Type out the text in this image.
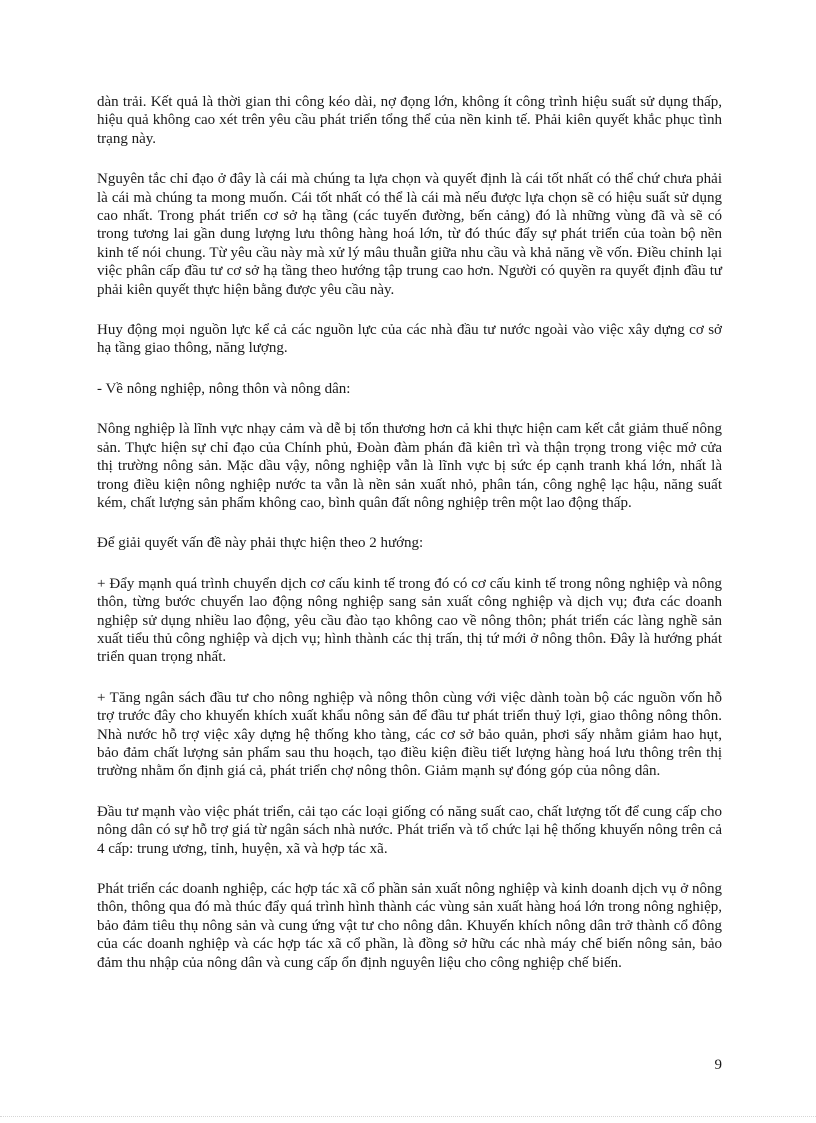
dàn trải. Kết quả là thời gian thi công kéo dài, nợ đọng lớn, không ít công trình hiệu suất sử dụng thấp, hiệu quả không cao xét trên yêu cầu phát triển tổng thể của nền kinh tế. Phải kiên quyết khắc phục tình trạng này.

Nguyên tắc chỉ đạo ở đây là cái mà chúng ta lựa chọn và quyết định là cái tốt nhất có thể chứ chưa phải là cái mà chúng ta mong muốn. Cái tốt nhất có thể là cái mà nếu được lựa chọn sẽ có hiệu suất sử dụng cao nhất. Trong phát triển cơ sở hạ tầng (các tuyến đường, bến cảng) đó là những vùng đã và sẽ có trong tương lai gần dung lượng lưu thông hàng hoá lớn, từ đó thúc đẩy sự phát triển của toàn bộ nền kinh tế nói chung. Từ yêu cầu này mà xử lý mâu thuẫn giữa nhu cầu và khả năng về vốn. Điều chỉnh lại việc phân cấp đầu tư cơ sở hạ tầng theo hướng tập trung cao hơn. Người có quyền ra quyết định đầu tư phải kiên quyết thực hiện bằng được yêu cầu này.

Huy động mọi nguồn lực kể cả các nguồn lực của các nhà đầu tư nước ngoài vào việc xây dựng cơ sở hạ tầng giao thông, năng lượng.

- Về nông nghiệp, nông thôn và nông dân:

Nông nghiệp là lĩnh vực nhạy cảm và dễ bị tổn thương hơn cả khi thực hiện cam kết cắt giảm thuế nông sản. Thực hiện sự chỉ đạo của Chính phủ, Đoàn đàm phán đã kiên trì và thận trọng trong việc mở cửa thị trường nông sản. Mặc dầu vậy, nông nghiệp vẫn là lĩnh vực bị sức ép cạnh tranh khá lớn, nhất là trong điều kiện nông nghiệp nước ta vẫn là nền sản xuất nhỏ, phân tán, công nghệ lạc hậu, năng suất kém, chất lượng sản phẩm không cao, bình quân đất nông nghiệp trên một lao động thấp.

Để giải quyết vấn đề này phải thực hiện theo 2 hướng:

+ Đẩy mạnh quá trình chuyển dịch cơ cấu kinh tế trong đó có cơ cấu kinh tế trong nông nghiệp và nông thôn, từng bước chuyển lao động nông nghiệp sang sản xuất công nghiệp và dịch vụ; đưa các doanh nghiệp sử dụng nhiều lao động, yêu cầu đào tạo không cao về nông thôn; phát triển các làng nghề sản xuất tiểu thủ công nghiệp và dịch vụ; hình thành các thị trấn, thị tứ mới ở nông thôn. Đây là hướng phát triển quan trọng nhất.

+ Tăng ngân sách đầu tư cho nông nghiệp và nông thôn cùng với việc dành toàn bộ các nguồn vốn hỗ trợ trước đây cho khuyến khích xuất khẩu nông sản để đầu tư phát triển thuỷ lợi, giao thông nông thôn. Nhà nước hỗ trợ việc xây dựng hệ thống kho tàng, các cơ sở bảo quản, phơi sấy nhằm giảm hao hụt, bảo đảm chất lượng sản phẩm sau thu hoạch, tạo điều kiện điều tiết lượng hàng hoá lưu thông trên thị trường nhằm ổn định giá cả, phát triển chợ nông thôn. Giảm mạnh sự đóng góp của nông dân.

Đầu tư mạnh vào việc phát triển, cải tạo các loại giống có năng suất cao, chất lượng tốt để cung cấp cho nông dân có sự hỗ trợ giá từ ngân sách nhà nước. Phát triển và tổ chức lại hệ thống khuyến nông trên cả 4 cấp: trung ương, tỉnh, huyện, xã và hợp tác xã.

Phát triển các doanh nghiệp, các hợp tác xã cổ phần sản xuất nông nghiệp và kinh doanh dịch vụ ở nông thôn, thông qua đó mà thúc đẩy quá trình hình thành các vùng sản xuất hàng hoá lớn trong nông nghiệp, bảo đảm tiêu thụ nông sản và cung ứng vật tư cho nông dân. Khuyến khích nông dân trở thành cổ đông của các doanh nghiệp và các hợp tác xã cổ phần, là đồng sở hữu các nhà máy chế biến nông sản, bảo đảm thu nhập của nông dân và cung cấp ổn định nguyên liệu cho công nghiệp chế biến.

9
